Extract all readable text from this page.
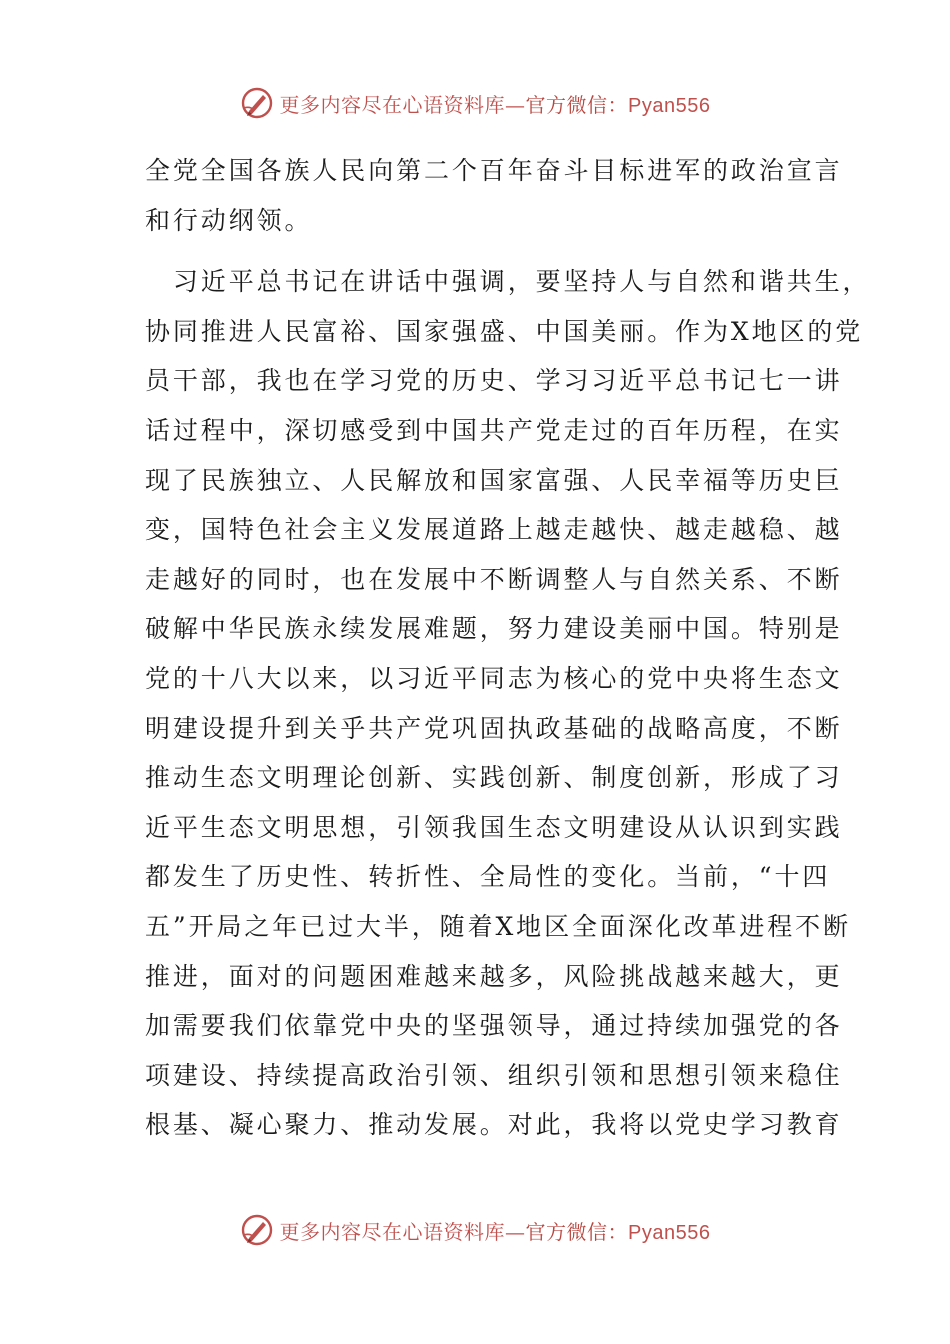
更多内容尽在心语资料库—官方微信：Pyan556
全党全国各族人民向第二个百年奋斗目标进军的政治宣言
和行动纲领。
　习近平总书记在讲话中强调，要坚持人与自然和谐共生，
协同推进人民富裕、国家强盛、中国美丽。作为X地区的党
员干部，我也在学习党的历史、学习习近平总书记七一讲
话过程中，深切感受到中国共产党走过的百年历程，在实
现了民族独立、人民解放和国家富强、人民幸福等历史巨
变，国特色社会主义发展道路上越走越快、越走越稳、越
走越好的同时，也在发展中不断调整人与自然关系、不断
破解中华民族永续发展难题，努力建设美丽中国。特别是
党的十八大以来，以习近平同志为核心的党中央将生态文
明建设提升到关乎共产党巩固执政基础的战略高度，不断
推动生态文明理论创新、实践创新、制度创新，形成了习
近平生态文明思想，引领我国生态文明建设从认识到实践
都发生了历史性、转折性、全局性的变化。当前，“十四
五”开局之年已过大半，随着X地区全面深化改革进程不断
推进，面对的问题困难越来越多，风险挑战越来越大，更
加需要我们依靠党中央的坚强领导，通过持续加强党的各
项建设、持续提高政治引领、组织引领和思想引领来稳住
根基、凝心聚力、推动发展。对此，我将以党史学习教育
更多内容尽在心语资料库—官方微信：Pyan556
